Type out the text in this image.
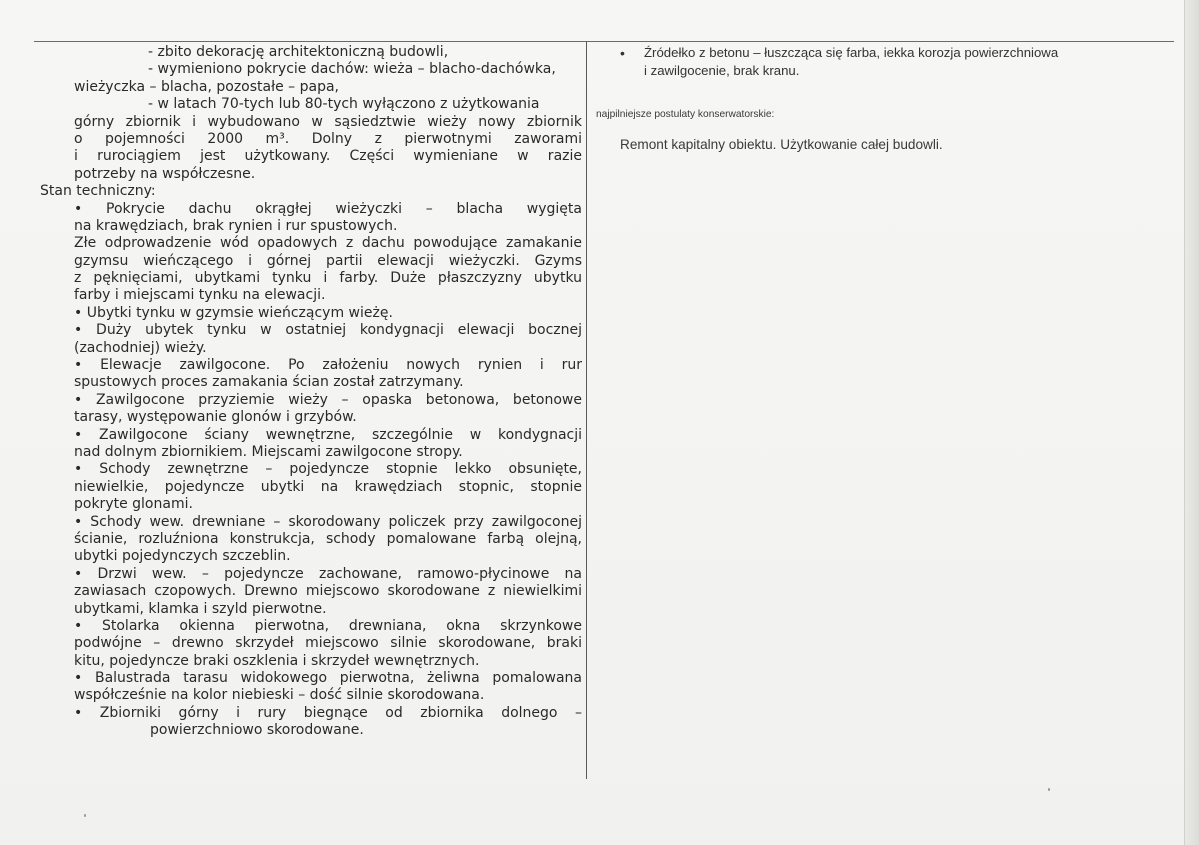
- zbito dekorację architektoniczną budowli,
- wymieniono pokrycie dachów: wieża – blacho-dachówka,
wieżyczka – blacha, pozostałe – papa,
- w latach 70-tych lub 80-tych wyłączono z użytkowania
górny zbiornik i wybudowano w sąsiedztwie wieży nowy zbiornik
o pojemności 2000 m³. Dolny z pierwotnymi zaworami
i rurociągiem jest użytkowany. Części wymieniane w razie
potrzeby na współczesne.
Stan techniczny:
• Pokrycie dachu okrągłej wieżyczki – blacha wygięta
na krawędziach, brak rynien i rur spustowych.
Złe odprowadzenie wód opadowych z dachu powodujące zamakanie
gzymsu wieńczącego i górnej partii elewacji wieżyczki. Gzyms
z pęknięciami, ubytkami tynku i farby. Duże płaszczyzny ubytku
farby i miejscami tynku na elewacji.
• Ubytki tynku w gzymsie wieńczącym wieżę.
• Duży ubytek tynku w ostatniej kondygnacji elewacji bocznej
(zachodniej) wieży.
• Elewacje zawilgocone. Po założeniu nowych rynien i rur
spustowych proces zamakania ścian został zatrzymany.
• Zawilgocone przyziemie wieży – opaska betonowa, betonowe
tarasy, występowanie glonów i grzybów.
• Zawilgocone ściany wewnętrzne, szczególnie w kondygnacji
nad dolnym zbiornikiem. Miejscami zawilgocone stropy.
• Schody zewnętrzne – pojedyncze stopnie lekko obsunięte,
niewielkie, pojedyncze ubytki na krawędziach stopnic, stopnie
pokryte glonami.
• Schody wew. drewniane – skorodowany policzek przy zawilgoconej
ścianie, rozluźniona konstrukcja, schody pomalowane farbą olejną,
ubytki pojedynczych szczeblin.
• Drzwi wew. – pojedyncze zachowane, ramowo-płycinowe na
zawiasach czopowych. Drewno miejscowo skorodowane z niewielkimi
ubytkami, klamka i szyld pierwotne.
• Stolarka okienna pierwotna, drewniana, okna skrzynkowe
podwójne – drewno skrzydeł miejscowo silnie skorodowane, braki
kitu, pojedyncze braki oszklenia i skrzydeł wewnętrznych.
• Balustrada tarasu widokowego pierwotna, żeliwna pomalowana
współcześnie na kolor niebieski – dość silnie skorodowana.
• Zbiorniki górny i rury biegnące od zbiornika dolnego –
powierzchniowo skorodowane.
• Źródełko z betonu – łuszcząca się farba, iekka korozja powierzchniowa
i zawilgocenie, brak kranu.
najpilniejsze postulaty konserwatorskie:
Remont kapitalny obiektu. Użytkowanie całej budowli.
